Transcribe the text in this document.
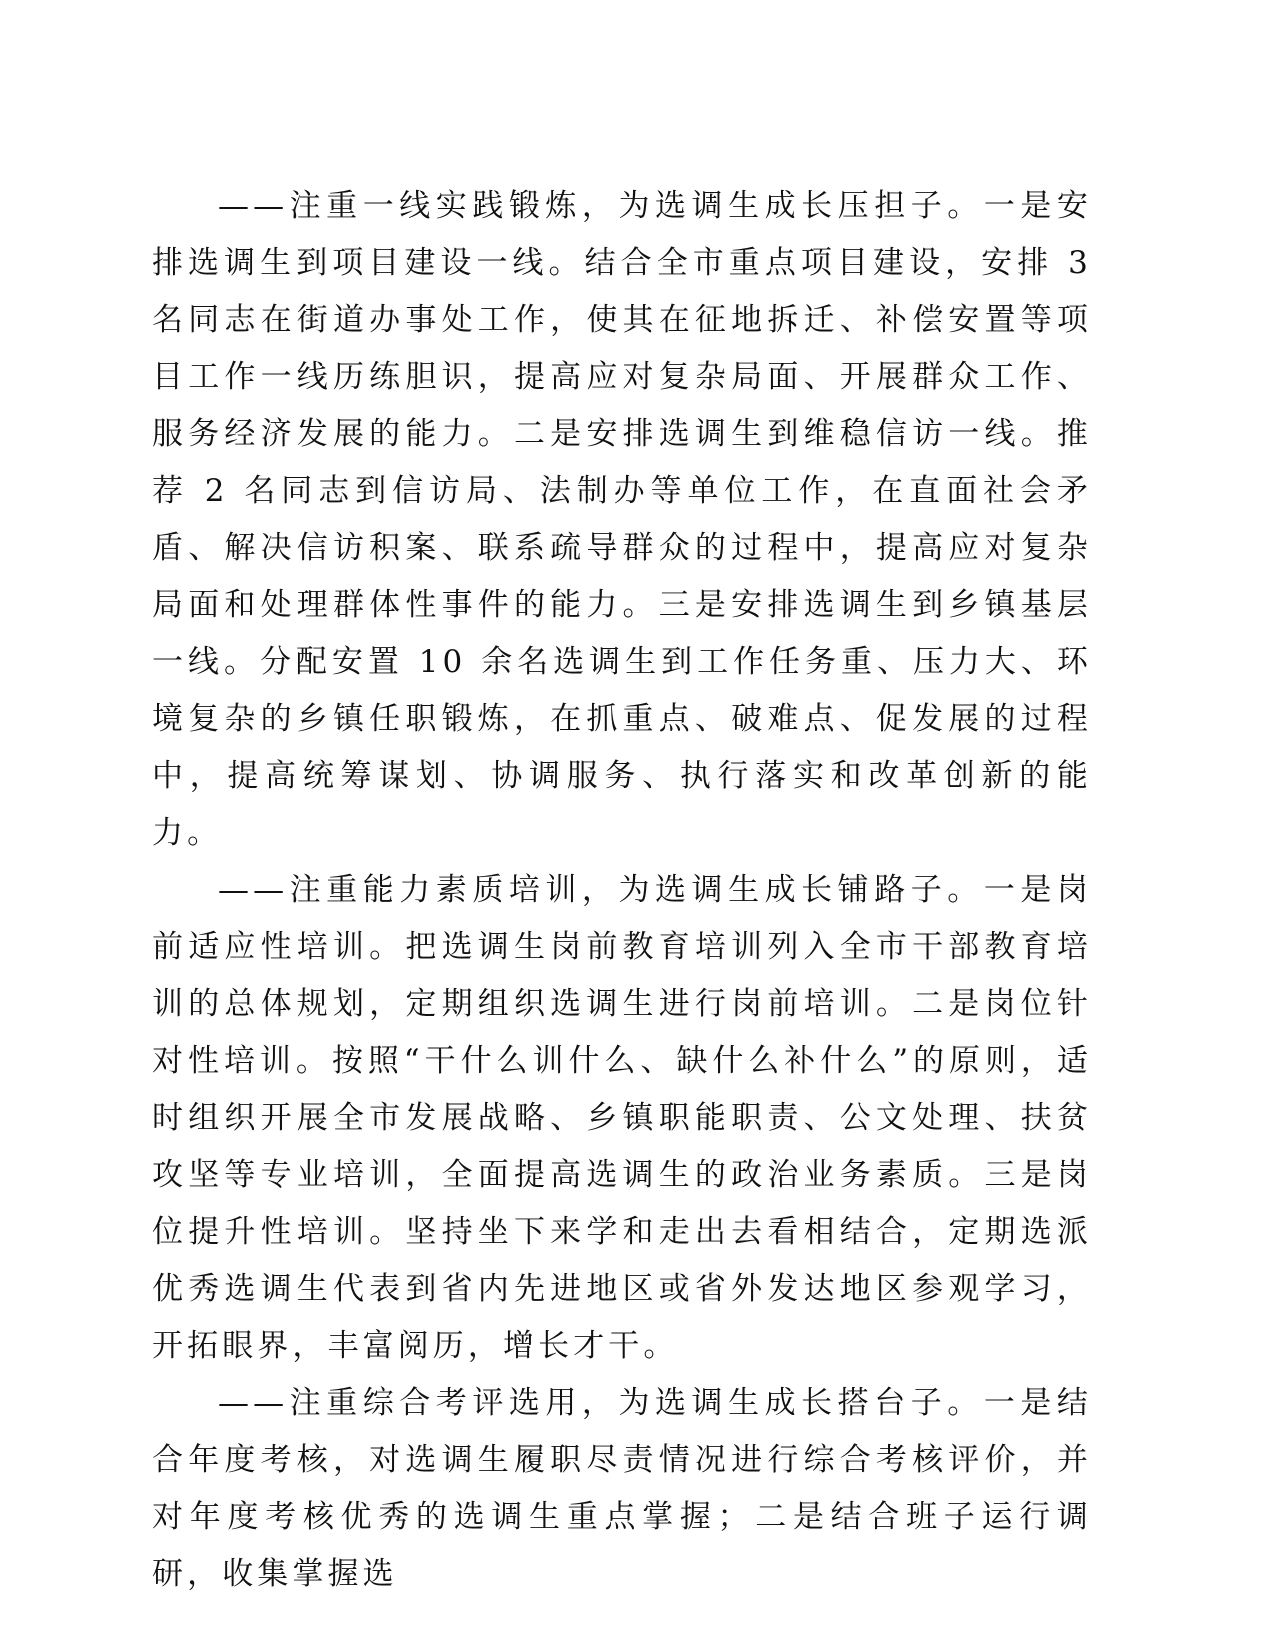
——注重一线实践锻炼，为选调生成长压担子。一是安排选调生到项目建设一线。结合全市重点项目建设，安排 3 名同志在街道办事处工作，使其在征地拆迁、补偿安置等项目工作一线历练胆识，提高应对复杂局面、开展群众工作、服务经济发展的能力。二是安排选调生到维稳信访一线。推荐 2 名同志到信访局、法制办等单位工作，在直面社会矛盾、解决信访积案、联系疏导群众的过程中，提高应对复杂局面和处理群体性事件的能力。三是安排选调生到乡镇基层一线。分配安置 10 余名选调生到工作任务重、压力大、环境复杂的乡镇任职锻炼，在抓重点、破难点、促发展的过程中，提高统筹谋划、协调服务、执行落实和改革创新的能力。

——注重能力素质培训，为选调生成长铺路子。一是岗前适应性培训。把选调生岗前教育培训列入全市干部教育培训的总体规划，定期组织选调生进行岗前培训。二是岗位针对性培训。按照“干什么训什么、缺什么补什么”的原则，适时组织开展全市发展战略、乡镇职能职责、公文处理、扶贫攻坚等专业培训，全面提高选调生的政治业务素质。三是岗位提升性培训。坚持坐下来学和走出去看相结合，定期选派优秀选调生代表到省内先进地区或省外发达地区参观学习，开拓眼界，丰富阅历，增长才干。

——注重综合考评选用，为选调生成长搭台子。一是结合年度考核，对选调生履职尽责情况进行综合考核评价，并对年度考核优秀的选调生重点掌握；二是结合班子运行调研，收集掌握选
